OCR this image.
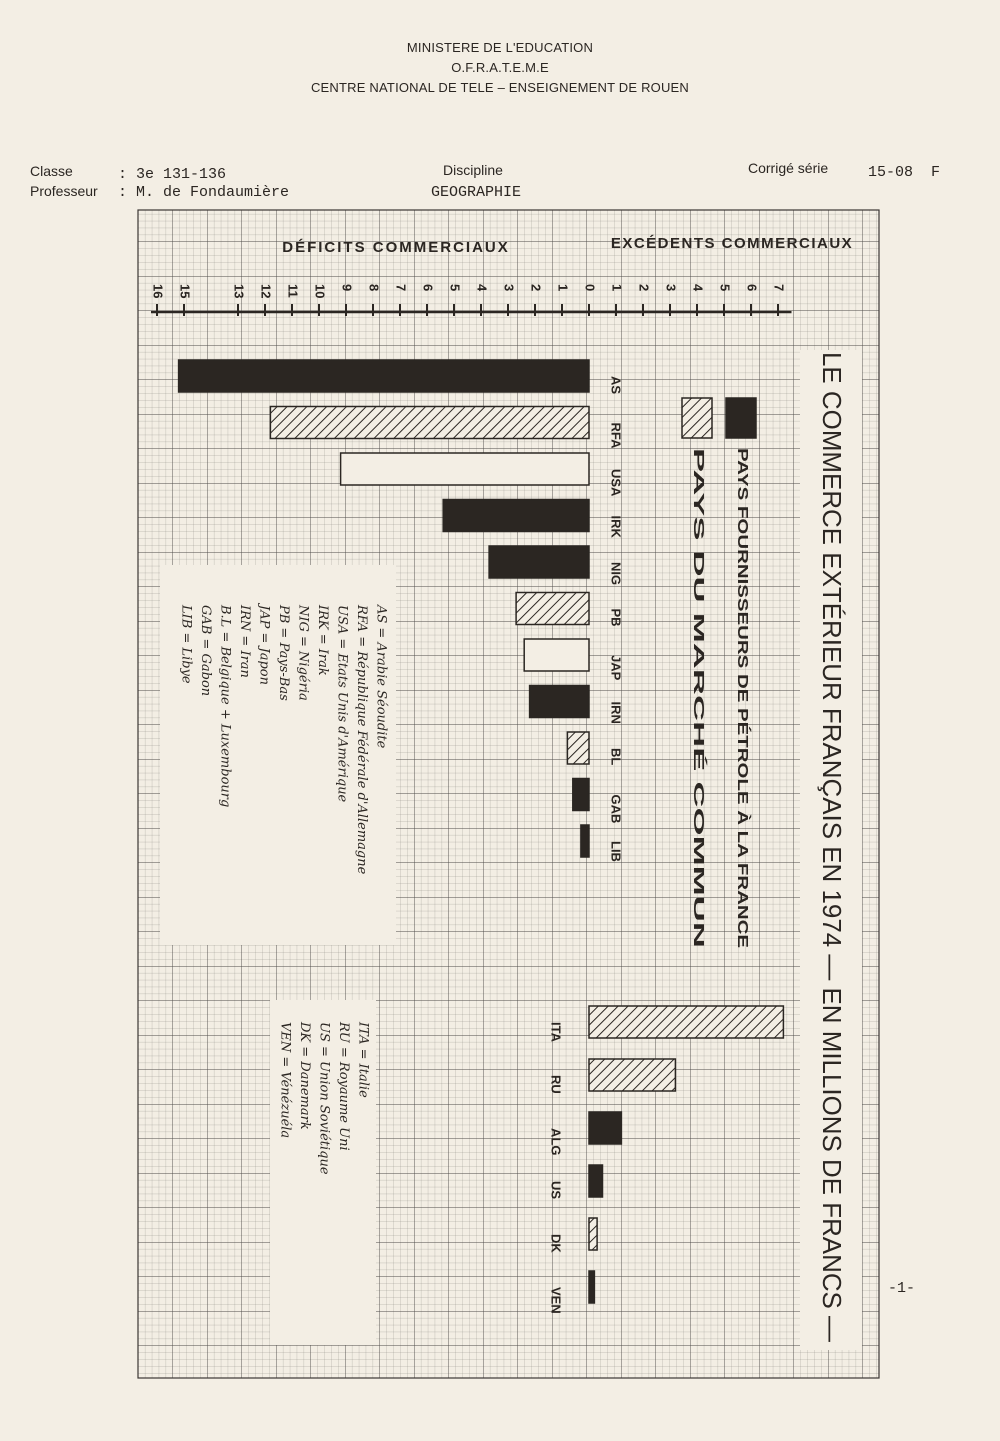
MINISTERE DE L'EDUCATION
O.F.R.A.T.E.M.E
CENTRE NATIONAL DE TELE – ENSEIGNEMENT DE ROUEN
Classe	: 3e 131-136
Professeur : M. de Fondaumière
Discipline
GEOGRAPHIE
Corrigé série	15-08  F
DÉFICITS COMMERCIAUX	EXCÉDENTS COMMERCIAUX
16 15	13 12 11 10 9 8 7 6 5 4 3 2 1 0 1 2 3 4 5 6 7
AS
RFA
USA
IRK
NIG
PB
JAP
IRN
BL
GAB
LIB
ITA
RU
ALG
US
DK
VEN
PAYS FOURNISSEURS DE PÉTROLE À LA FRANCE
PAYS DU MARCHÉ COMMUN	LE COMMERCE EXTÉRIEUR FRANÇAIS EN 1974 — EN MILLIONS DE FRANCS —
AS = Arabie Séoudite
RFA = République Fédérale d'Allemagne
USA = Etats Unis d'Amérique
IRK = Irak
NIG = Nigéria
PB = Pays-Bas
JAP = Japon
IRN = Iran
B.L = Belgique + Luxembourg
GAB = Gabon
LIB = Libye
ITA = Italie
RU = Royaume Uni
US = Union Soviétique
DK = Danemark
VEN = Vénézuéla
-1-
